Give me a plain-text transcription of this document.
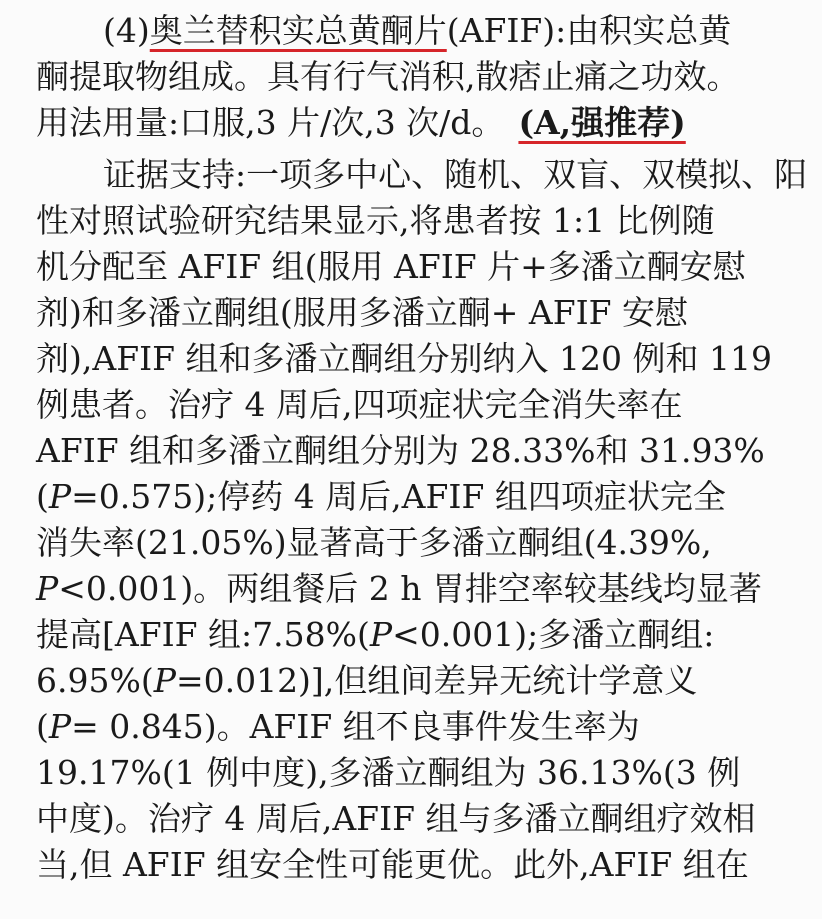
(4) 奥兰替积实总黄酮片 (AFIF):由积实总黄
酮提取物组成。具有行气消积,散痞止痛之功效。
用法用量:口服,3 片/次,3 次/d。 (A,强推荐)
证据支持:一项多中心、随机、双盲、双模拟、阳
性对照试验研究结果显示,将患者按 1:1 比例随
机分配至 AFIF 组(服用 AFIF 片+多潘立酮安慰
剂)和多潘立酮组(服用多潘立酮+ AFIF 安慰
剂),AFIF 组和多潘立酮组分别纳入 120 例和 119
例患者。治疗 4 周后,四项症状完全消失率在
AFIF 组和多潘立酮组分别为 28.33%和 31.93%
( P =0.575);停药 4 周后,AFIF 组四项症状完全
消失率(21.05%)显著高于多潘立酮组(4.39%,
P <0.001)。两组餐后 2 h 胃排空率较基线均显著
提高[AFIF 组:7.58%( P <0.001);多潘立酮组:
6.95%( P =0.012)],但组间差异无统计学意义
( P = 0.845)。AFIF 组不良事件发生率为
19.17%(1 例中度),多潘立酮组为 36.13%(3 例
中度)。治疗 4 周后,AFIF 组与多潘立酮组疗效相
当,但 AFIF 组安全性可能更优。此外,AFIF 组在
